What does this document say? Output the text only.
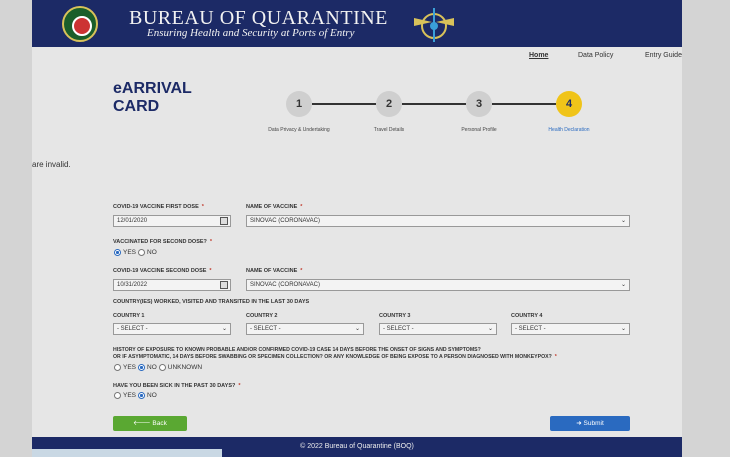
BUREAU OF QUARANTINE
Ensuring Health and Security at Ports of Entry
Home	Data Policy	Entry Guide
eARRIVAL CARD	1	2	3	4
Data Privacy & Undertaking	Travel Details	Personal Profile	Health Declaration
are invalid.
COVID-19 VACCINE FIRST DOSE *
12/01/2020
NAME OF VACCINE *
SINOVAC (CORONAVAC)	⌄
VACCINATED FOR SECOND DOSE? *
YES NO
COVID-19 VACCINE SECOND DOSE *
10/31/2022
NAME OF VACCINE *
SINOVAC (CORONAVAC)	⌄
COUNTRY(IES) WORKED, VISITED AND TRANSITED IN THE LAST 30 DAYS
COUNTRY 1	COUNTRY 2	COUNTRY 3	COUNTRY 4
- SELECT -	⌄	- SELECT -	⌄	- SELECT -	⌄	- SELECT -	⌄
HISTORY OF EXPOSURE TO KNOWN PROBABLE AND/OR CONFIRMED COVID-19 CASE 14 DAYS BEFORE THE ONSET OF SIGNS AND SYMPTOMS?
OR IF ASYMPTOMATIC, 14 DAYS BEFORE SWABBING OR SPECIMEN COLLECTION? OR ANY KNOWLEDGE OF BEING EXPOSE TO A PERSON DIAGNOSED WITH MONKEYPOX? *
YES NO UNKNOWN
HAVE YOU BEEN SICK IN THE PAST 30 DAYS? *
YES NO
🡐 Back	➜ Submit
© 2022 Bureau of Quarantine (BOQ)
